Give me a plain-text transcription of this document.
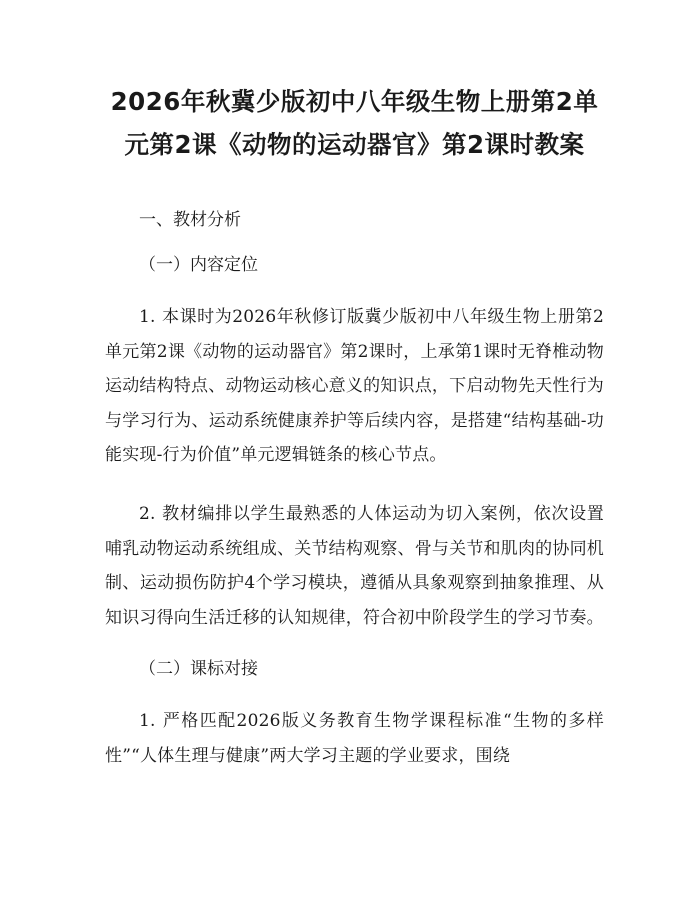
2026年秋冀少版初中八年级生物上册第2单元第2课《动物的运动器官》第2课时教案

一、教材分析

（一）内容定位

1. 本课时为2026年秋修订版冀少版初中八年级生物上册第2单元第2课《动物的运动器官》第2课时，上承第1课时无脊椎动物运动结构特点、动物运动核心意义的知识点，下启动物先天性行为与学习行为、运动系统健康养护等后续内容，是搭建“结构基础-功能实现-行为价值”单元逻辑链条的核心节点。

2. 教材编排以学生最熟悉的人体运动为切入案例，依次设置哺乳动物运动系统组成、关节结构观察、骨与关节和肌肉的协同机制、运动损伤防护4个学习模块，遵循从具象观察到抽象推理、从知识习得向生活迁移的认知规律，符合初中阶段学生的学习节奏。

（二）课标对接

1. 严格匹配2026版义务教育生物学课程标准“生物的多样性”“人体生理与健康”两大学习主题的学业要求，围绕
